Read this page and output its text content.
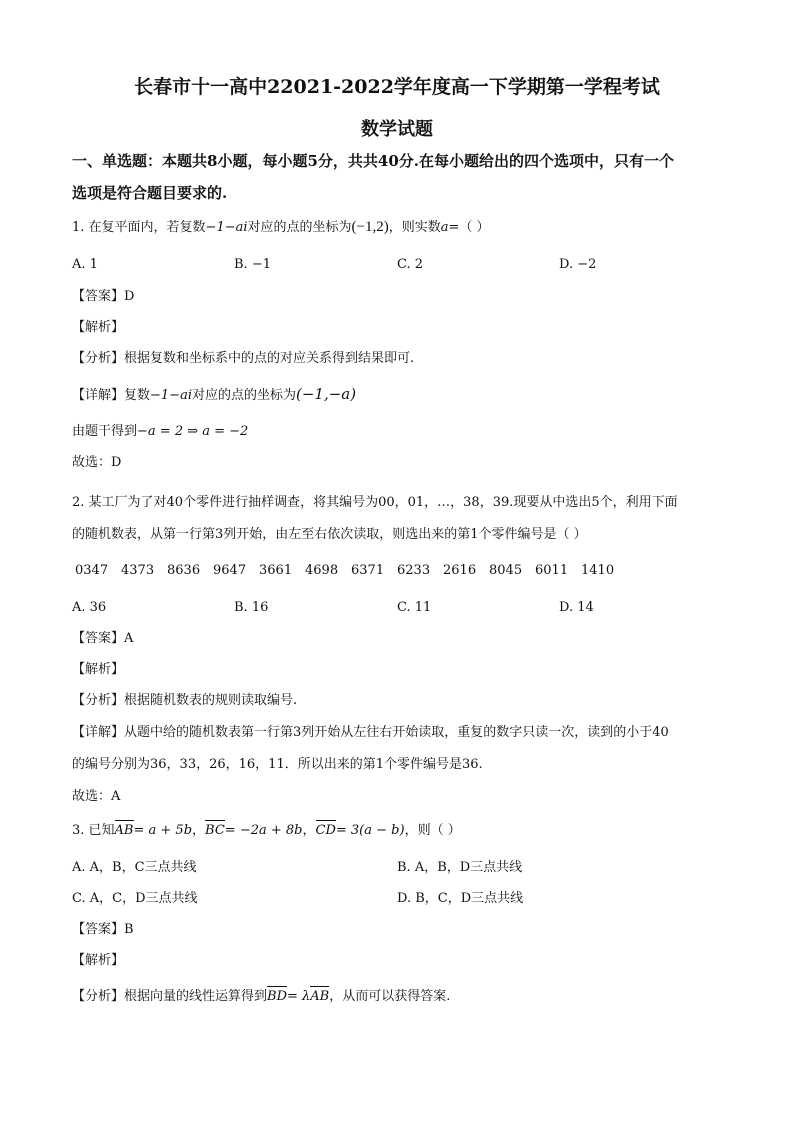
长春市十一高中22021-2022学年度高一下学期第一学程考试
数学试题
一、单选题：本题共8小题，每小题5分，共共40分.在每小题给出的四个选项中，只有一个
选项是符合题目要求的.
1. 在复平面内，若复数−1−ai对应的点的坐标为(−1,2)，则实数a=（ ）
A. 1	B. −1	C. 2	D. −2
【答案】D
【解析】
【分析】根据复数和坐标系中的点的对应关系得到结果即可.
【详解】复数−1−ai对应的点的坐标为(−1,−a)
由题干得到−a = 2 ⇒ a = −2
故选：D
2. 某工厂为了对40个零件进行抽样调查，将其编号为00，01，…，38，39.现要从中选出5个，利用下面
的随机数表，从第一行第3列开始，由左至右依次读取，则选出来的第1个零件编号是（ ）
0347 4373 8636 9647 3661 4698 6371 6233 2616 8045 6011 1410
A. 36	B. 16	C. 11	D. 14
【答案】A
【解析】
【分析】根据随机数表的规则读取编号.
【详解】从题中给的随机数表第一行第3列开始从左往右开始读取，重复的数字只读一次，读到的小于40
的编号分别为36，33，26，16，11．所以出来的第1个零件编号是36.
故选：A
3. 已知AB= a + 5b，BC= −2a + 8b，CD= 3(a − b)，则（ ）
A. A，B，C三点共线	B. A，B，D三点共线
C. A，C，D三点共线	D. B，C，D三点共线
【答案】B
【解析】
【分析】根据向量的线性运算得到BD= λAB，从而可以获得答案.
